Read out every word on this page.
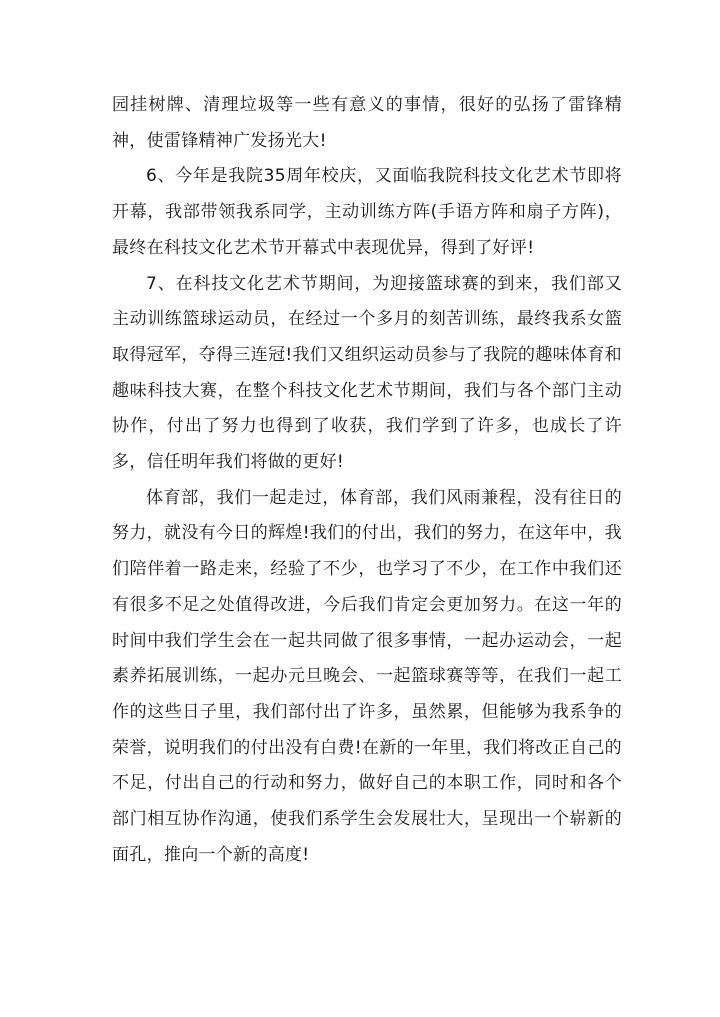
园挂树牌、清理垃圾等一些有意义的事情，很好的弘扬了雷锋精神，使雷锋精神广发扬光大!

6、今年是我院35周年校庆，又面临我院科技文化艺术节即将开幕，我部带领我系同学，主动训练方阵(手语方阵和扇子方阵)，最终在科技文化艺术节开幕式中表现优异，得到了好评!

7、在科技文化艺术节期间，为迎接篮球赛的到来，我们部又主动训练篮球运动员，在经过一个多月的刻苦训练，最终我系女篮取得冠军，夺得三连冠!我们又组织运动员参与了我院的趣味体育和趣味科技大赛，在整个科技文化艺术节期间，我们与各个部门主动协作，付出了努力也得到了收获，我们学到了许多，也成长了许多，信任明年我们将做的更好!

体育部，我们一起走过，体育部，我们风雨兼程，没有往日的努力，就没有今日的辉煌!我们的付出，我们的努力，在这年中，我们陪伴着一路走来，经验了不少，也学习了不少，在工作中我们还有很多不足之处值得改进，今后我们肯定会更加努力。在这一年的时间中我们学生会在一起共同做了很多事情，一起办运动会，一起素养拓展训练，一起办元旦晚会、一起篮球赛等等，在我们一起工作的这些日子里，我们部付出了许多，虽然累，但能够为我系争的荣誉，说明我们的付出没有白费!在新的一年里，我们将改正自己的不足，付出自己的行动和努力，做好自己的本职工作，同时和各个部门相互协作沟通，使我们系学生会发展壮大，呈现出一个崭新的面孔，推向一个新的高度!
